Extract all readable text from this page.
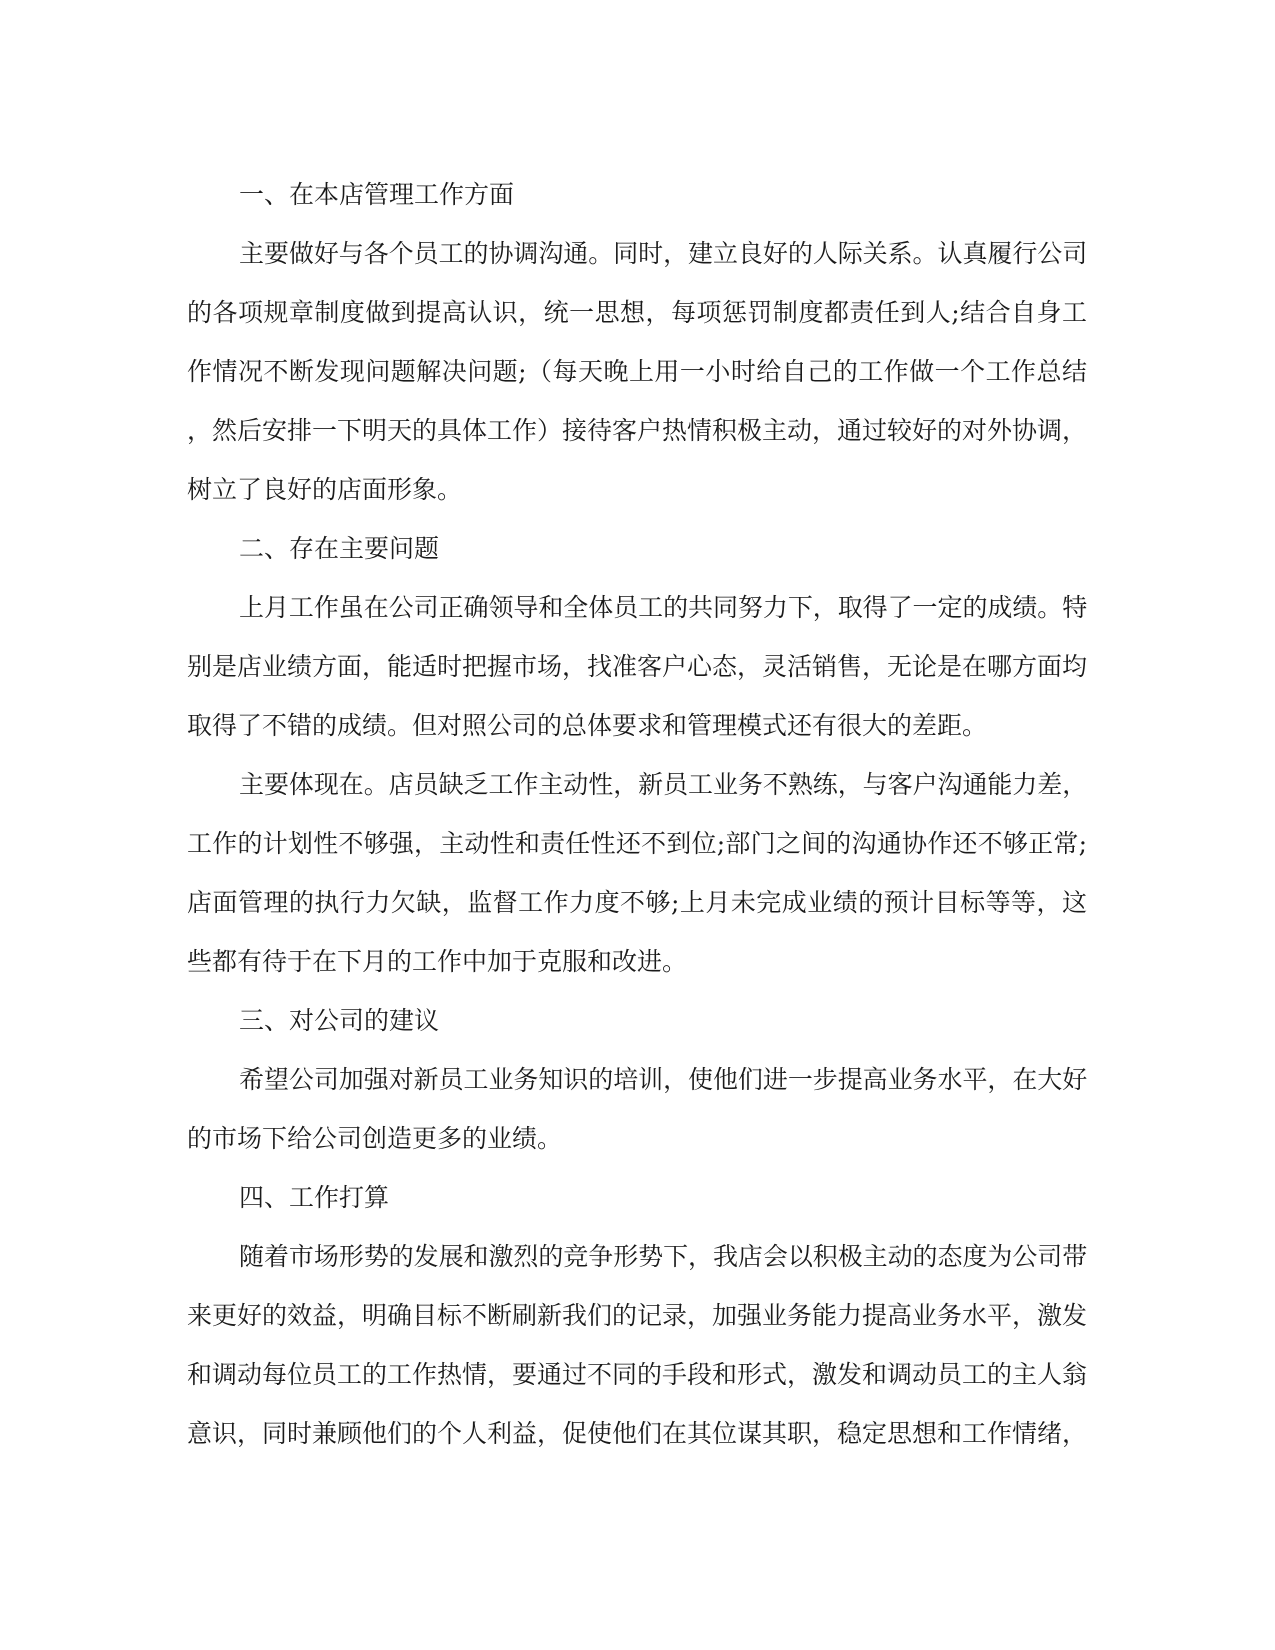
一、在本店管理工作方面
主要做好与各个员工的协调沟通。同时，建立良好的人际关系。认真履行公司
的各项规章制度做到提高认识，统一思想，每项惩罚制度都责任到人;结合自身工
作情况不断发现问题解决问题;（每天晚上用一小时给自己的工作做一个工作总结
，然后安排一下明天的具体工作）接待客户热情积极主动，通过较好的对外协调，
树立了良好的店面形象。
二、存在主要问题
上月工作虽在公司正确领导和全体员工的共同努力下，取得了一定的成绩。特
别是店业绩方面，能适时把握市场，找准客户心态，灵活销售，无论是在哪方面均
取得了不错的成绩。但对照公司的总体要求和管理模式还有很大的差距。
主要体现在。店员缺乏工作主动性，新员工业务不熟练，与客户沟通能力差，
工作的计划性不够强，主动性和责任性还不到位;部门之间的沟通协作还不够正常;
店面管理的执行力欠缺，监督工作力度不够;上月未完成业绩的预计目标等等，这
些都有待于在下月的工作中加于克服和改进。
三、对公司的建议
希望公司加强对新员工业务知识的培训，使他们进一步提高业务水平，在大好
的市场下给公司创造更多的业绩。
四、工作打算
随着市场形势的发展和激烈的竞争形势下，我店会以积极主动的态度为公司带
来更好的效益，明确目标不断刷新我们的记录，加强业务能力提高业务水平，激发
和调动每位员工的工作热情，要通过不同的手段和形式，激发和调动员工的主人翁
意识，同时兼顾他们的个人利益，促使他们在其位谋其职，稳定思想和工作情绪，
